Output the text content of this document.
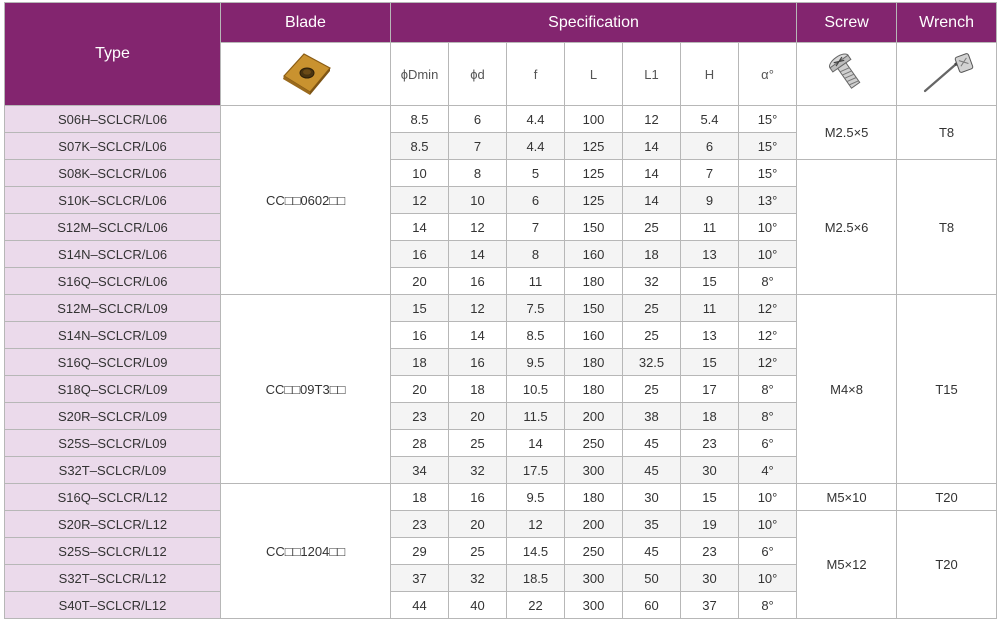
Type	Blade	Specification							Screw	Wrench
	ϕDmin	ϕd	f	L	L1	H	α°		
S06H–SCLCR/L06	CC□□0602□□	8.5	6	4.4	100	12	5.4	15°	M2.5×5	T8
S07K–SCLCR/L06		8.5	7	4.4	125	14	6	15°		
S08K–SCLCR/L06		10	8	5	125	14	7	15°	M2.5×6	T8
S10K–SCLCR/L06		12	10	6	125	14	9	13°		
S12M–SCLCR/L06		14	12	7	150	25	11	10°		
S14N–SCLCR/L06		16	14	8	160	18	13	10°		
S16Q–SCLCR/L06		20	16	11	180	32	15	8°		
S12M–SCLCR/L09	CC□□09T3□□	15	12	7.5	150	25	11	12°	M4×8	T15
S14N–SCLCR/L09		16	14	8.5	160	25	13	12°		
S16Q–SCLCR/L09		18	16	9.5	180	32.5	15	12°		
S18Q–SCLCR/L09		20	18	10.5	180	25	17	8°		
S20R–SCLCR/L09		23	20	11.5	200	38	18	8°		
S25S–SCLCR/L09		28	25	14	250	45	23	6°		
S32T–SCLCR/L09		34	32	17.5	300	45	30	4°		
S16Q–SCLCR/L12	CC□□1204□□	18	16	9.5	180	30	15	10°	M5×10	T20
S20R–SCLCR/L12		23	20	12	200	35	19	10°	M5×12	T20
S25S–SCLCR/L12		29	25	14.5	250	45	23	6°		
S32T–SCLCR/L12		37	32	18.5	300	50	30	10°		
S40T–SCLCR/L12		44	40	22	300	60	37	8°		
